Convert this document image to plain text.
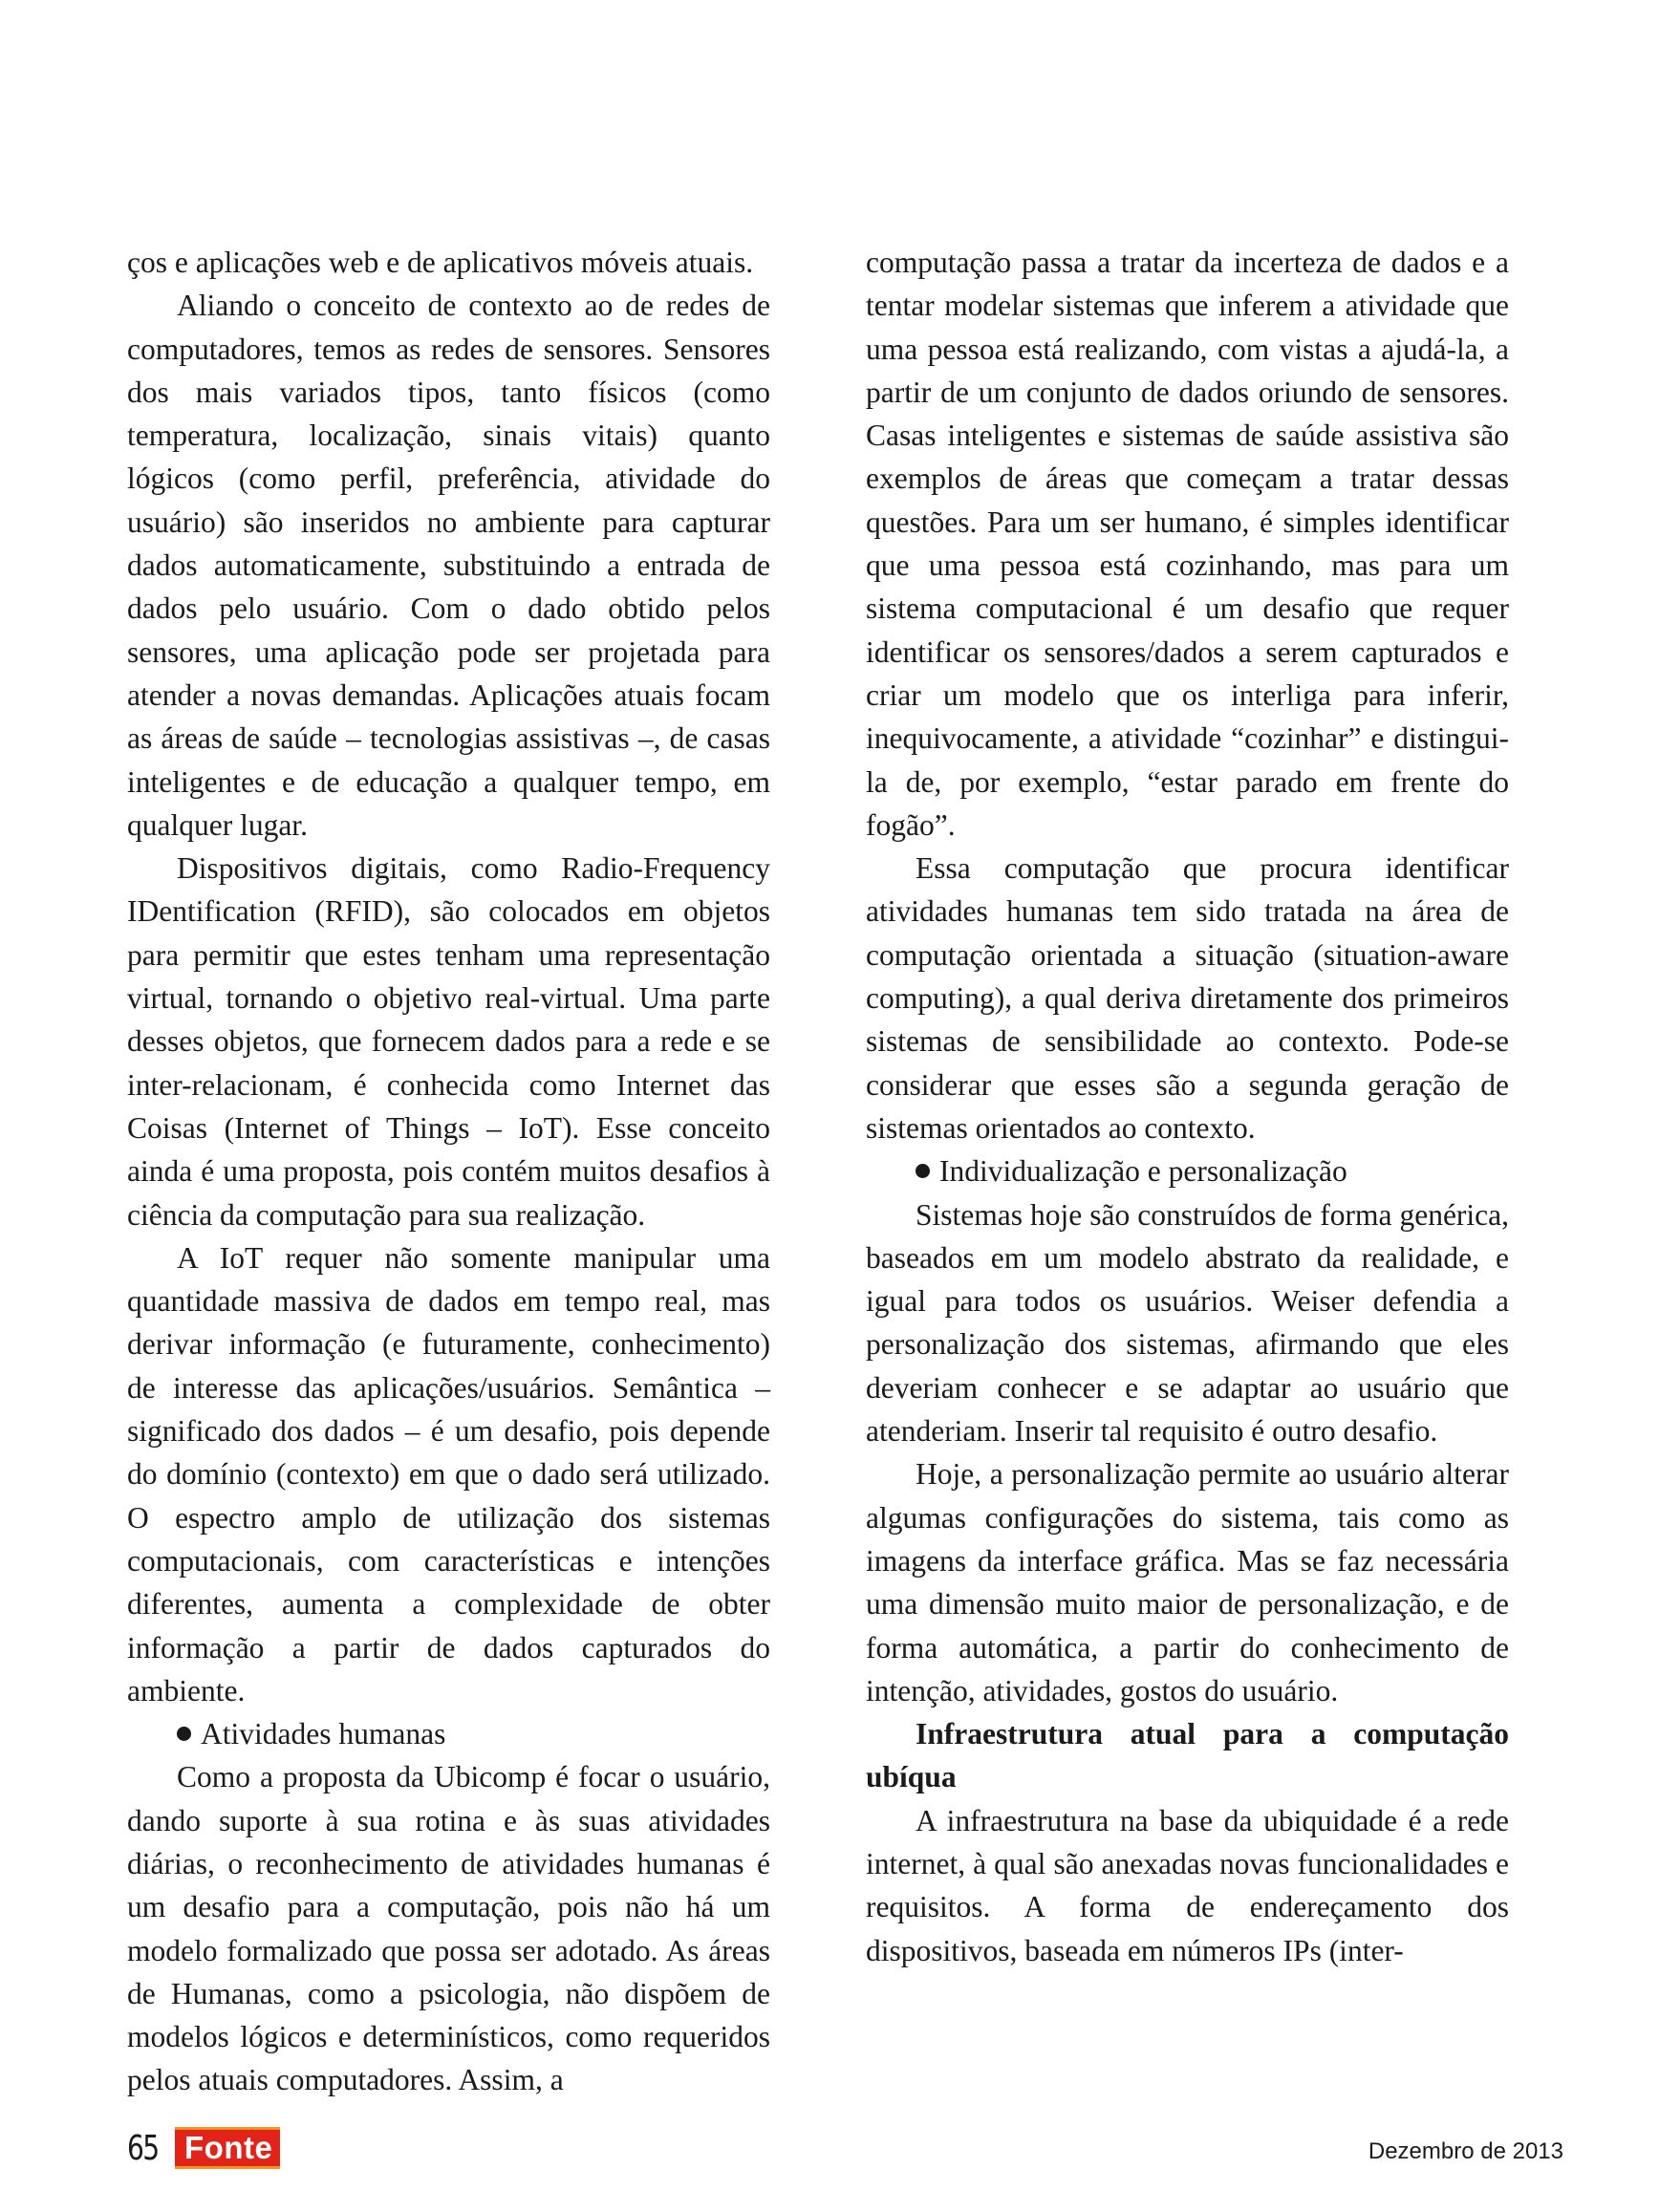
ços e aplicações web e de aplicativos móveis atuais.

Aliando o conceito de contexto ao de redes de computadores, temos as redes de sensores. Sensores dos mais variados tipos, tanto físicos (como temperatura, localização, sinais vitais) quanto lógicos (como perfil, preferência, atividade do usuário) são inseridos no ambiente para capturar dados automaticamente, substituindo a entrada de dados pelo usuário. Com o dado obtido pelos sensores, uma aplicação pode ser projetada para atender a novas demandas. Aplicações atuais focam as áreas de saúde – tecnologias assistivas –, de casas inteligentes e de educação a qualquer tempo, em qualquer lugar.

Dispositivos digitais, como Radio-Frequency IDentification (RFID), são colocados em objetos para permitir que estes tenham uma representação virtual, tornando o objetivo real-virtual. Uma parte desses objetos, que fornecem dados para a rede e se inter-relacionam, é conhecida como Internet das Coisas (Internet of Things – IoT). Esse conceito ainda é uma proposta, pois contém muitos desafios à ciência da computação para sua realização.

A IoT requer não somente manipular uma quantidade massiva de dados em tempo real, mas derivar informação (e futuramente, conhecimento) de interesse das aplicações/usuários. Semântica – significado dos dados – é um desafio, pois depende do domínio (contexto) em que o dado será utilizado. O espectro amplo de utilização dos sistemas computacionais, com características e intenções diferentes, aumenta a complexidade de obter informação a partir de dados capturados do ambiente.

Atividades humanas

Como a proposta da Ubicomp é focar o usuário, dando suporte à sua rotina e às suas atividades diárias, o reconhecimento de atividades humanas é um desafio para a computação, pois não há um modelo formalizado que possa ser adotado. As áreas de Humanas, como a psicologia, não dispõem de modelos lógicos e determinísticos, como requeridos pelos atuais computadores. Assim, a

computação passa a tratar da incerteza de dados e a tentar modelar sistemas que inferem a atividade que uma pessoa está realizando, com vistas a ajudá-la, a partir de um conjunto de dados oriundo de sensores. Casas inteligentes e sistemas de saúde assistiva são exemplos de áreas que começam a tratar dessas questões. Para um ser humano, é simples identificar que uma pessoa está cozinhando, mas para um sistema computacional é um desafio que requer identificar os sensores/dados a serem capturados e criar um modelo que os interliga para inferir, inequivocamente, a atividade “cozinhar” e distingui-la de, por exemplo, “estar parado em frente do fogão”.

Essa computação que procura identificar atividades humanas tem sido tratada na área de computação orientada a situação (situation-aware computing), a qual deriva diretamente dos primeiros sistemas de sensibilidade ao contexto. Pode-se considerar que esses são a segunda geração de sistemas orientados ao contexto.

Individualização e personalização

Sistemas hoje são construídos de forma genérica, baseados em um modelo abstrato da realidade, e igual para todos os usuários. Weiser defendia a personalização dos sistemas, afirmando que eles deveriam conhecer e se adaptar ao usuário que atenderiam. Inserir tal requisito é outro desafio.

Hoje, a personalização permite ao usuário alterar algumas configurações do sistema, tais como as imagens da interface gráfica. Mas se faz necessária uma dimensão muito maior de personalização, e de forma automática, a partir do conhecimento de intenção, atividades, gostos do usuário.

Infraestrutura atual para a computação ubíqua

A infraestrutura na base da ubiquidade é a rede internet, à qual são anexadas novas funcionalidades e requisitos. A forma de endereçamento dos dispositivos, baseada em números IPs (inter-

65 Fonte	Dezembro de 2013
